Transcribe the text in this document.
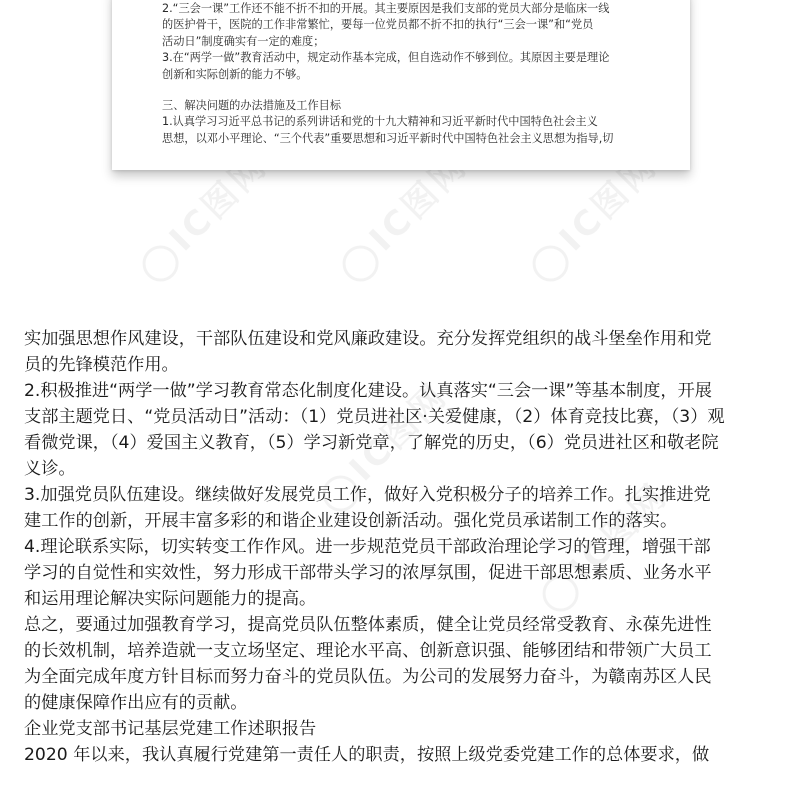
IC图网	IC图网	IC图网
IC图网
IC图网
2.“三会一课”工作还不能不折不扣的开展。其主要原因是我们支部的党员大部分是临床一线
的医护骨干，医院的工作非常繁忙，要每一位党员都不折不扣的执行“三会一课”和“党员
活动日”制度确实有一定的难度；
3.在“两学一做”教育活动中，规定动作基本完成，但自选动作不够到位。其原因主要是理论
创新和实际创新的能力不够。
三、解决问题的办法措施及工作目标
1.认真学习习近平总书记的系列讲话和党的十九大精神和习近平新时代中国特色社会主义
思想，以邓小平理论、“三个代表”重要思想和习近平新时代中国特色社会主义思想为指导,切
实加强思想作风建设，干部队伍建设和党风廉政建设。充分发挥党组织的战斗堡垒作用和党
员的先锋模范作用。
2.积极推进“两学一做”学习教育常态化制度化建设。认真落实“三会一课”等基本制度，开展
支部主题党日、“党员活动日”活动：（1）党员进社区·关爱健康，（2）体育竞技比赛，（3）观
看微党课，（4）爱国主义教育，（5）学习新党章，了解党的历史，（6）党员进社区和敬老院
义诊。
3.加强党员队伍建设。继续做好发展党员工作，做好入党积极分子的培养工作。扎实推进党
建工作的创新，开展丰富多彩的和谐企业建设创新活动。强化党员承诺制工作的落实。
4.理论联系实际，切实转变工作作风。进一步规范党员干部政治理论学习的管理，增强干部
学习的自觉性和实效性，努力形成干部带头学习的浓厚氛围，促进干部思想素质、业务水平
和运用理论解决实际问题能力的提高。
总之，要通过加强教育学习，提高党员队伍整体素质，健全让党员经常受教育、永葆先进性
的长效机制，培养造就一支立场坚定、理论水平高、创新意识强、能够团结和带领广大员工
为全面完成年度方针目标而努力奋斗的党员队伍。为公司的发展努力奋斗，为赣南苏区人民
的健康保障作出应有的贡献。
企业党支部书记基层党建工作述职报告
2020 年以来，我认真履行党建第一责任人的职责，按照上级党委党建工作的总体要求，做
